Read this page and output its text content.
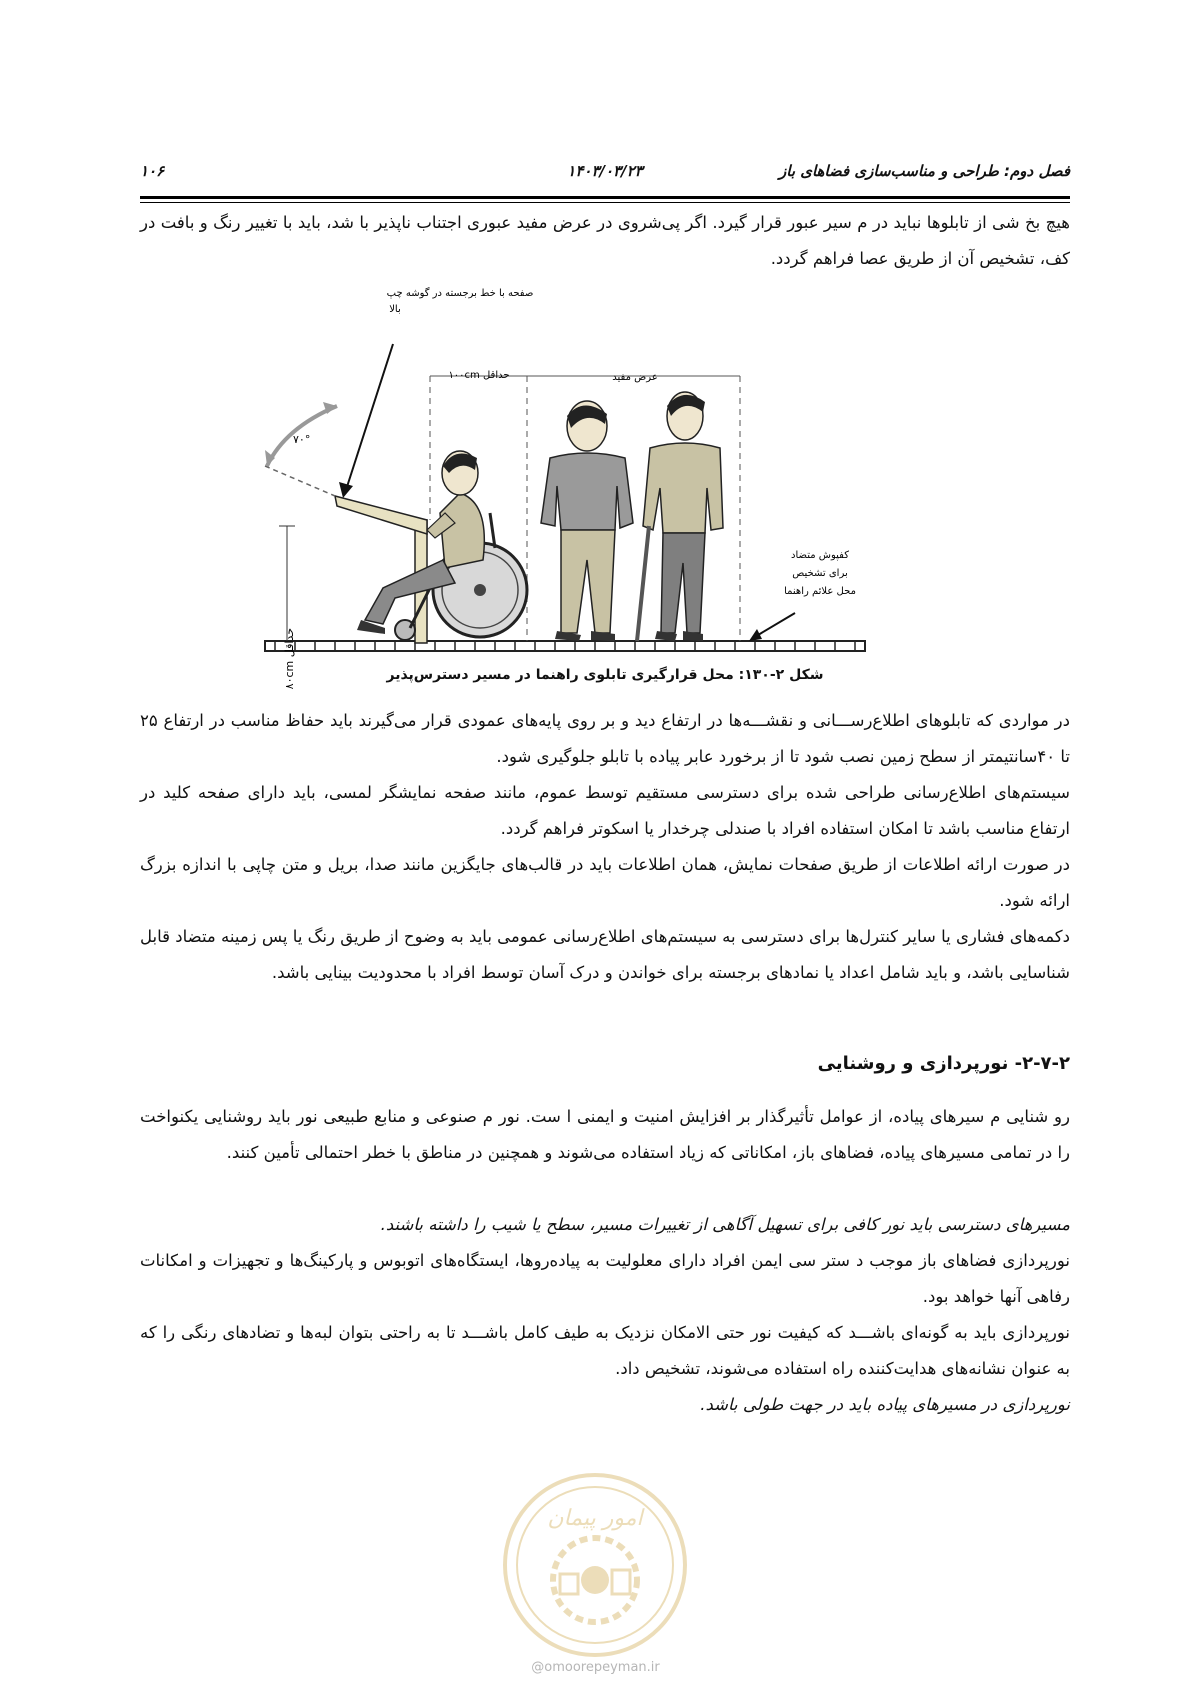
فصل دوم: طراحی و مناسب‌سازی فضاهای باز
۱۴۰۳/۰۳/۲۳
۱۰۶

هیچ بخ شی از تابلوها نباید در م سیر عبور قرار گیرد. اگر پی‌شروی در عرض مفید عبوری اجتناب ناپذیر با شد، باید با تغییر رنگ و بافت در کف، تشخیص آن از طریق عصا فراهم گردد.

حداقل ۸۰cm
۷۰°
صفحه با خط برجسته در گوشه چپ
بالا
حداقل ۱۰۰cm	عرض مفید
کفپوش متضاد
برای تشخیص
محل علائم راهنما
شکل ۲-۱۳۰: محل قرارگیری تابلوی راهنما در مسیر دسترس‌پذیر

در مواردی که تابلوهای اطلاع‌رســـانی و نقشـــه‌ها در ارتفاع دید و بر روی پایه‌های عمودی قرار می‌گیرند باید حفاظ مناسب در ارتفاع ۲۵ تا ۴۰سانتیمتر از سطح زمین نصب شود تا از برخورد عابر پیاده با تابلو جلوگیری شود.

سیستم‌های اطلاع‌رسانی طراحی شده برای دسترسی مستقیم توسط عموم، مانند صفحه نمایشگر لمسی، باید دارای صفحه کلید در ارتفاع مناسب باشد تا امکان استفاده افراد با صندلی چرخدار یا اسکوتر فراهم گردد.

در صورت ارائه اطلاعات از طریق صفحات نمایش، همان اطلاعات باید در قالب‌های جایگزین مانند صدا، بریل و متن چاپی با اندازه بزرگ ارائه شود.

دکمه‌های فشاری یا سایر کنترل‌ها برای دسترسی به سیستم‌های اطلاع‌رسانی عمومی باید به وضوح از طریق رنگ یا پس زمینه متضاد قابل شناسایی باشد، و باید شامل اعداد یا نمادهای برجسته برای خواندن و درک آسان توسط افراد با محدودیت بینایی باشد.

۲-۷-۲- نورپردازی و روشنایی

رو شنایی م سیرهای پیاده، از عوامل تأثیرگذار بر افزایش امنیت و ایمنی ا ست. نور م صنوعی و منابع طبیعی نور باید روشنایی یکنواخت را در تمامی مسیرهای پیاده، فضاهای باز، امکاناتی که زیاد استفاده می‌شوند و همچنین در مناطق با خطر احتمالی تأمین کنند.

مسیرهای دسترسی باید نور کافی برای تسهیل آگاهی از تغییرات مسیر، سطح یا شیب را داشته باشند.

نورپردازی فضاهای باز موجب د ستر سی ایمن افراد دارای معلولیت به پیاده‌روها، ایستگاه‌های اتوبوس و پارکینگ‌ها و تجهیزات و امکانات رفاهی آنها خواهد بود.

نورپردازی باید به گونه‌ای باشـــد که کیفیت نور حتی الامکان نزدیک به طیف کامل باشـــد تا به راحتی بتوان لبه‌ها و تضادهای رنگی را که به عنوان نشانه‌های هدایت‌کننده راه استفاده می‌شوند، تشخیص داد.

نورپردازی در مسیرهای پیاده باید در جهت طولی باشد.

امور پیمان
@omoorepeyman.ir
